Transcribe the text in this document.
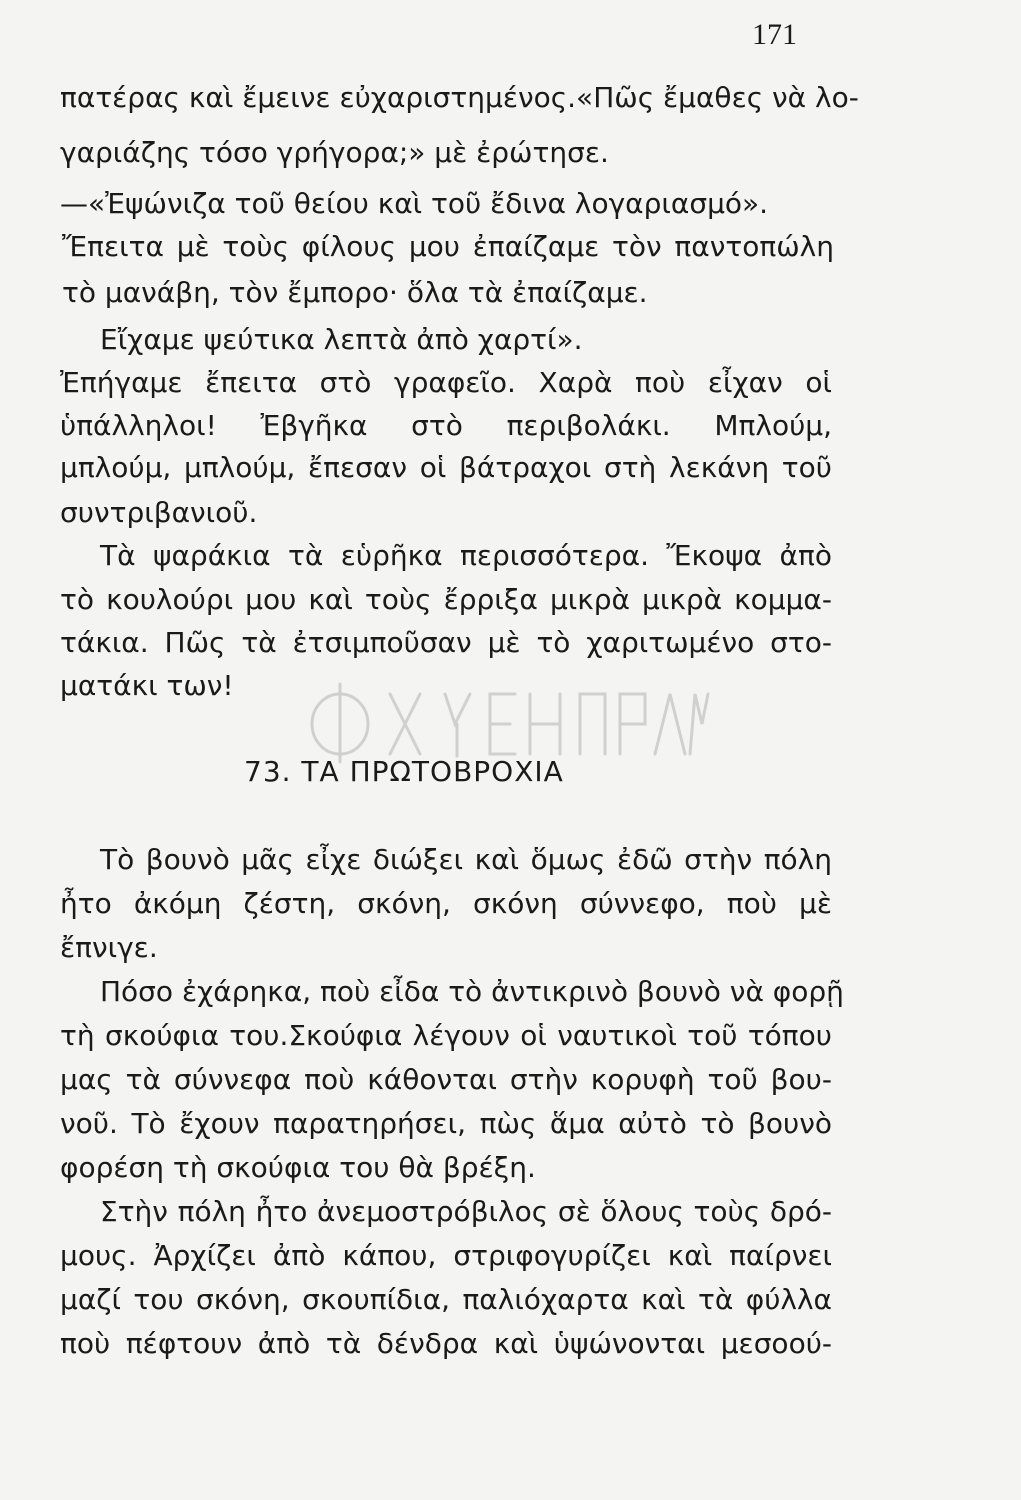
171

πατέρας καὶ ἔμεινε εὐχαριστημένος.«Πῶς ἔμαθες νὰ λο-

γαριάζης τόσο γρήγορα;» μὲ ἐρώτησε.

—«Ἐψώνιζα τοῦ θείου καὶ τοῦ ἔδινα λογαριασμό».

Ἔπειτα μὲ τοὺς φίλους μου ἐπαίζαμε τὸν παντοπώλη

τὸ μανάβη, τὸν ἔμπορο· ὅλα τὰ ἐπαίζαμε.

Εἴχαμε ψεύτικα λεπτὰ ἀπὸ χαρτί».

Ἐπήγαμε ἔπειτα στὸ γραφεῖο. Χαρὰ ποὺ εἶχαν οἱ

ὑπάλληλοι! Ἐβγῆκα στὸ περιβολάκι. Μπλούμ,

μπλούμ, μπλούμ, ἔπεσαν οἱ βάτραχοι στὴ λεκάνη τοῦ

συντριβανιοῦ.

Τὰ ψαράκια τὰ εὑρῆκα περισσότερα. Ἔκοψα ἀπὸ

τὸ κουλούρι μου καὶ τοὺς ἔρριξα μικρὰ μικρὰ κομμα-

τάκια. Πῶς τὰ ἐτσιμποῦσαν μὲ τὸ χαριτωμένο στο-

ματάκι των!

73. ΤΑ ΠΡΩΤΟΒΡΟΧΙΑ

Τὸ βουνὸ μᾶς εἶχε διώξει καὶ ὅμως ἐδῶ στὴν πόλη

ἦτο ἀκόμη ζέστη, σκόνη, σκόνη σύννεφο, ποὺ μὲ

ἔπνιγε.

Πόσο ἐχάρηκα, ποὺ εἶδα τὸ ἀντικρινὸ βουνὸ νὰ φορῇ

τὴ σκούφια του.Σκούφια λέγουν οἱ ναυτικοὶ τοῦ τόπου

μας τὰ σύννεφα ποὺ κάθονται στὴν κορυφὴ τοῦ βου-

νοῦ. Τὸ ἔχουν παρατηρήσει, πὼς ἅμα αὐτὸ τὸ βουνὸ

φορέση τὴ σκούφια του θὰ βρέξη.

Στὴν πόλη ἦτο ἀνεμοστρόβιλος σὲ ὅλους τοὺς δρό-

μους. Ἀρχίζει ἀπὸ κάπου, στριφογυρίζει καὶ παίρνει

μαζί του σκόνη, σκουπίδια, παλιόχαρτα καὶ τὰ φύλλα

ποὺ πέφτουν ἀπὸ τὰ δένδρα καὶ ὑψώνονται μεσοού-
